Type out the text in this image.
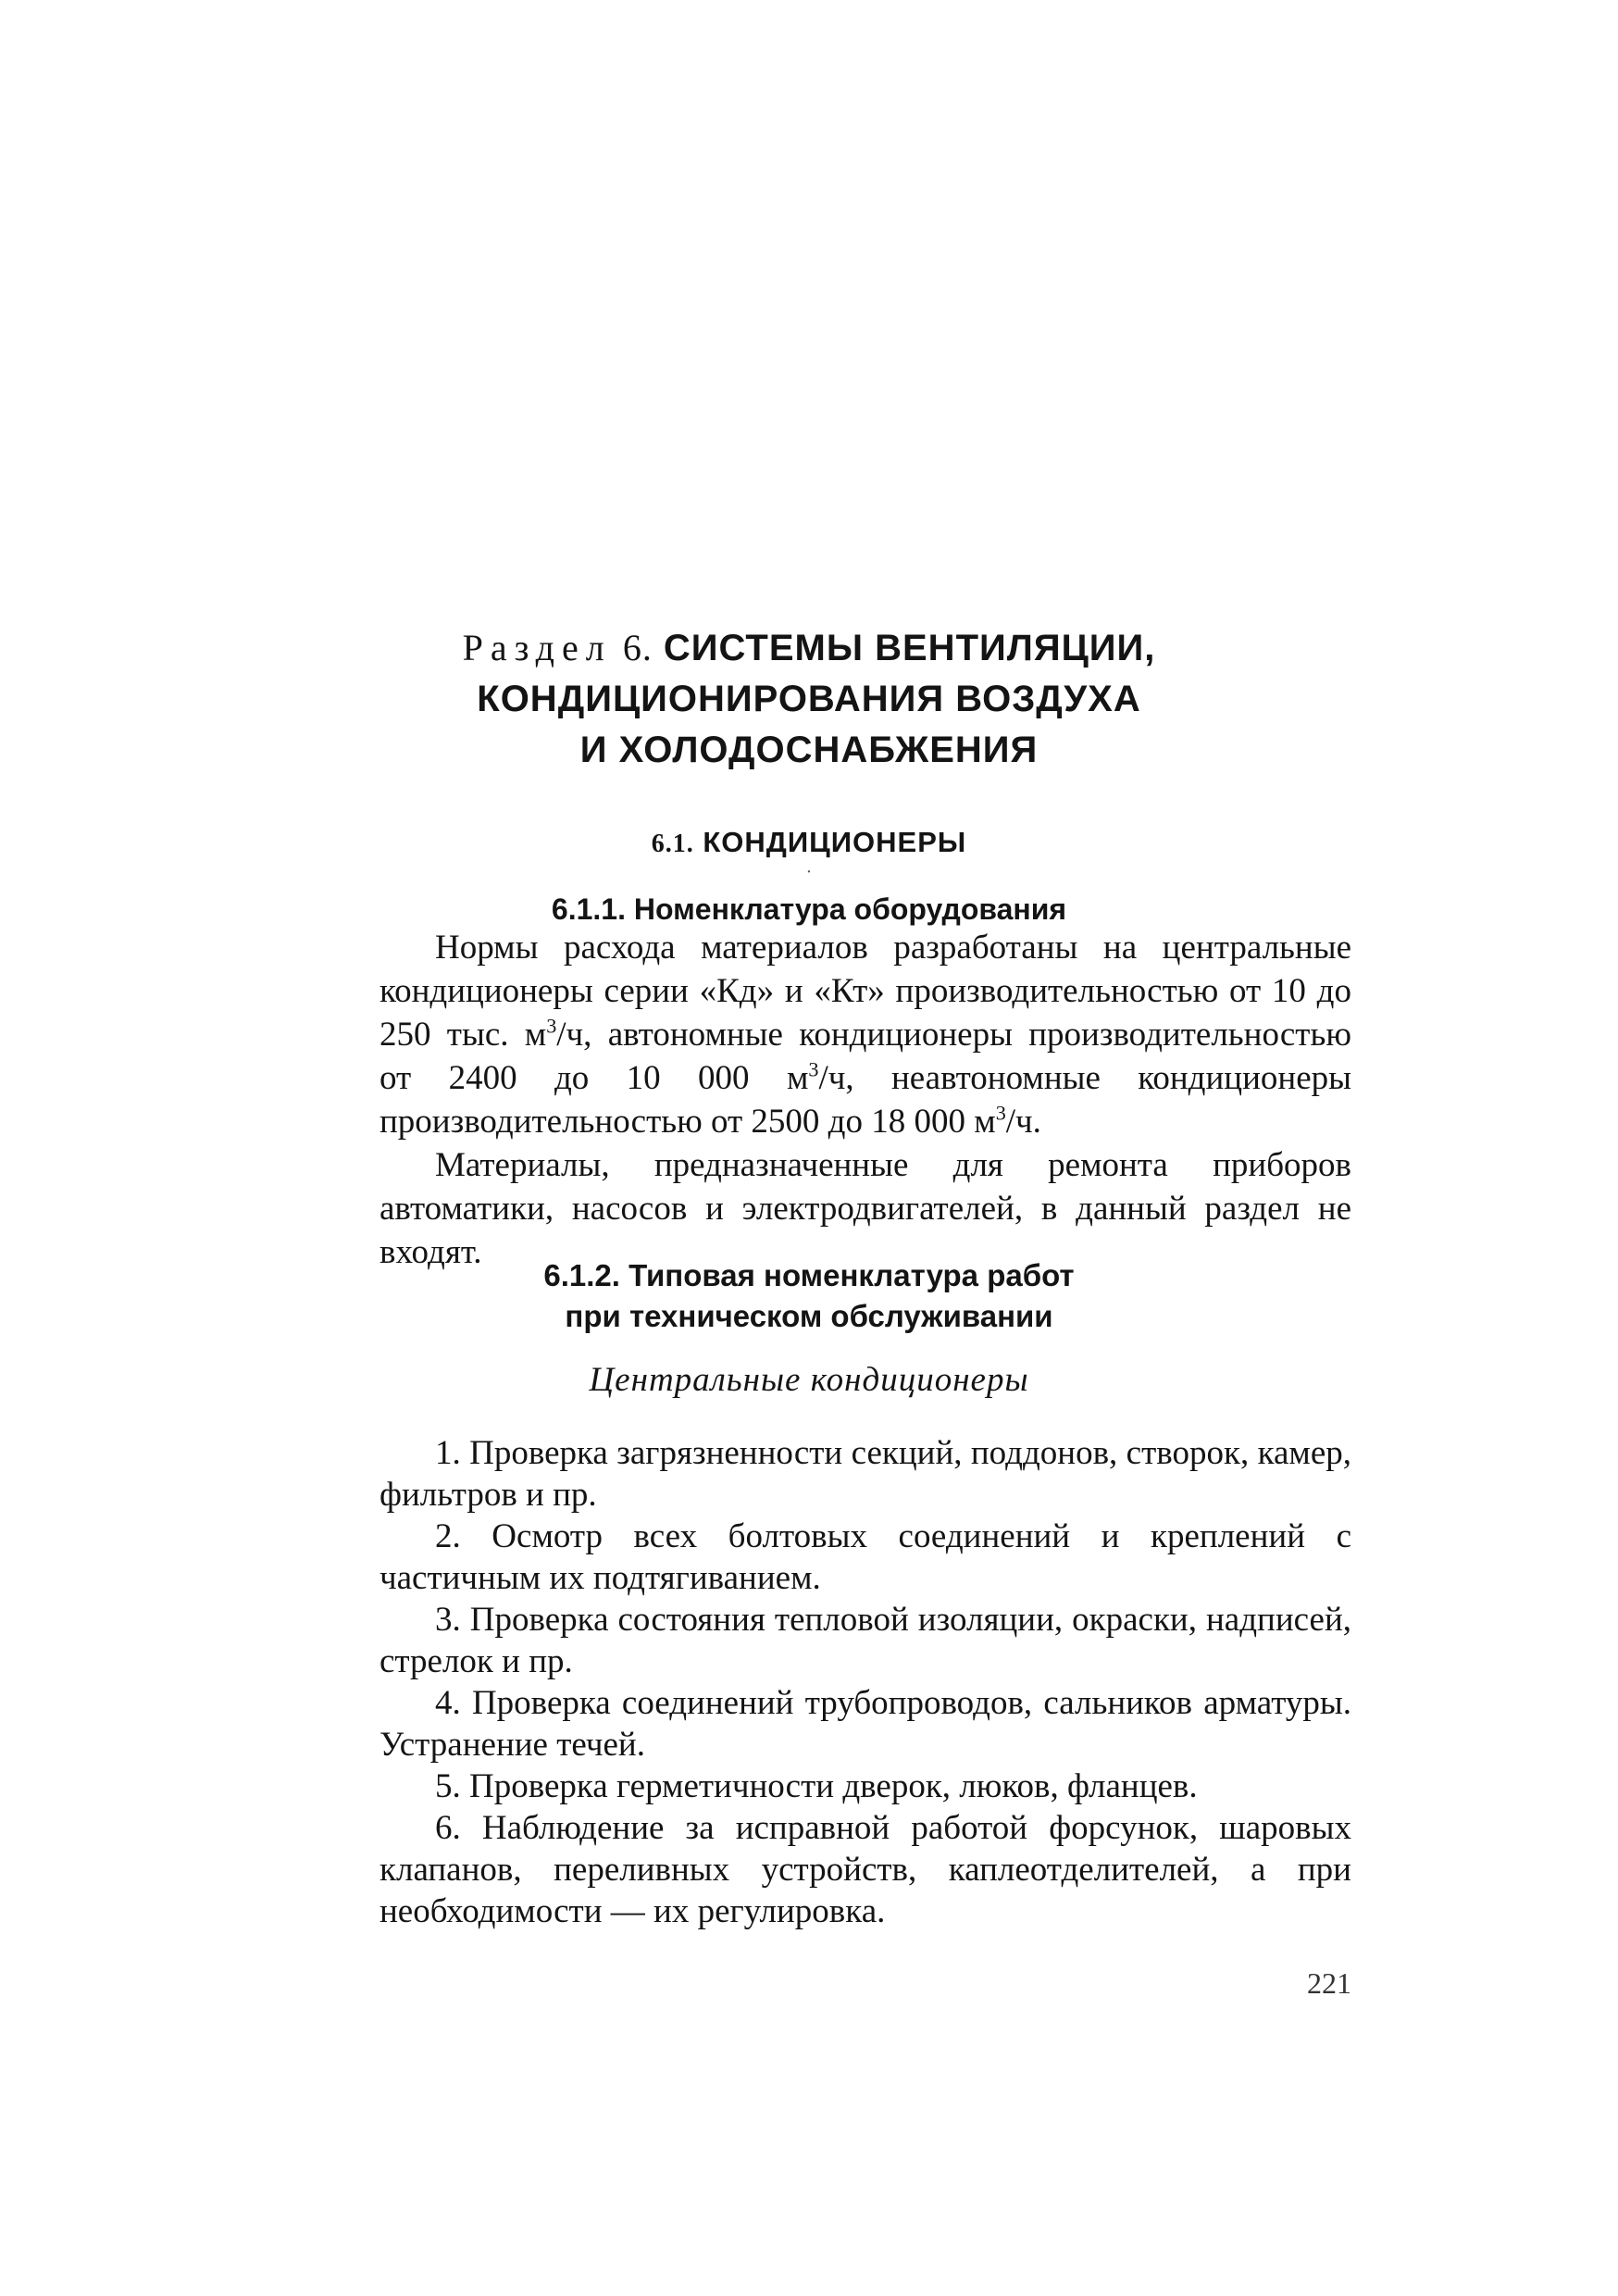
Раздел 6. СИСТЕМЫ ВЕНТИЛЯЦИИ,
КОНДИЦИОНИРОВАНИЯ ВОЗДУХА
И ХОЛОДОСНАБЖЕНИЯ
6.1. КОНДИЦИОНЕРЫ
·
6.1.1. Номенклатура оборудования

Нормы расхода материалов разработаны на центральные кондиционеры серии «Кд» и «Кт» производительностью от 10 до 250 тыс. $м^3/ч$, автономные кондиционеры производительностью от 2400 до 10 000 $м^3/ч$, неавтономные кондиционеры производительностью от 2500 до 18 000 $м^3/ч$.

Материалы, предназначенные для ремонта приборов автоматики, насосов и электродвигателей, в данный раздел не входят.

6.1.2. Типовая номенклатура работ
при техническом обслуживании
Центральные кондиционеры

1. Проверка загрязненности секций, поддонов, створок, камер, фильтров и пр.

2. Осмотр всех болтовых соединений и креплений с частичным их подтягиванием.

3. Проверка состояния тепловой изоляции, окраски, надписей, стрелок и пр.

4. Проверка соединений трубопроводов, сальников арматуры. Устранение течей.

5. Проверка герметичности дверок, люков, фланцев.

6. Наблюдение за исправной работой форсунок, шаровых клапанов, переливных устройств, каплеотделителей, а при необходимости — их регулировка.

221
